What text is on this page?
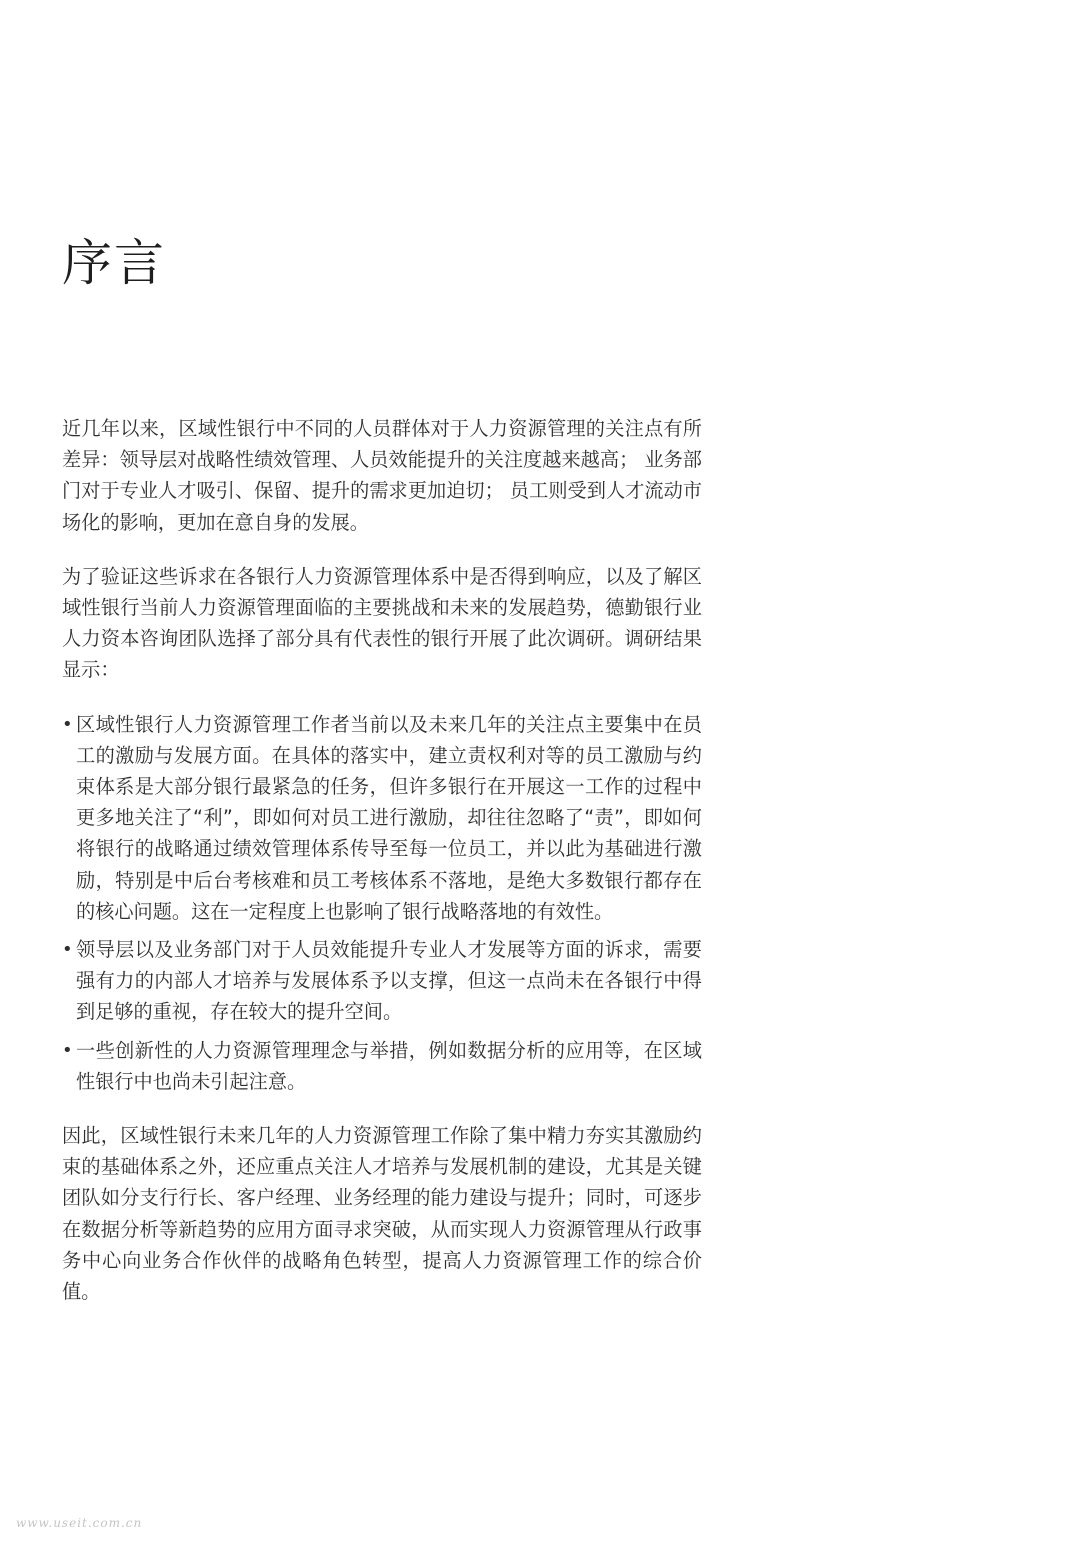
序言

近几年以来，区域性银行中不同的人员群体对于人力资源管理的关注点有所差异：领导层对战略性绩效管理、人员效能提升的关注度越来越高； 业务部门对于专业人才吸引、保留、提升的需求更加迫切； 员工则受到人才流动市场化的影响，更加在意自身的发展。

为了验证这些诉求在各银行人力资源管理体系中是否得到响应，以及了解区域性银行当前人力资源管理面临的主要挑战和未来的发展趋势，德勤银行业人力资本咨询团队选择了部分具有代表性的银行开展了此次调研。调研结果显示：

• 区域性银行人力资源管理工作者当前以及未来几年的关注点主要集中在员工的激励与发展方面。在具体的落实中，建立责权利对等的员工激励与约束体系是大部分银行最紧急的任务，但许多银行在开展这一工作的过程中更多地关注了“利”，即如何对员工进行激励，却往往忽略了“责”，即如何将银行的战略通过绩效管理体系传导至每一位员工，并以此为基础进行激励，特别是中后台考核难和员工考核体系不落地，是绝大多数银行都存在的核心问题。这在一定程度上也影响了银行战略落地的有效性。
• 领导层以及业务部门对于人员效能提升专业人才发展等方面的诉求，需要强有力的内部人才培养与发展体系予以支撑，但这一点尚未在各银行中得到足够的重视，存在较大的提升空间。
• 一些创新性的人力资源管理理念与举措，例如数据分析的应用等，在区域性银行中也尚未引起注意。

因此，区域性银行未来几年的人力资源管理工作除了集中精力夯实其激励约束的基础体系之外，还应重点关注人才培养与发展机制的建设，尤其是关键团队如分支行行长、客户经理、业务经理的能力建设与提升；同时，可逐步在数据分析等新趋势的应用方面寻求突破，从而实现人力资源管理从行政事务中心向业务合作伙伴的战略角色转型，提高人力资源管理工作的综合价值。

www.useit.com.cn
